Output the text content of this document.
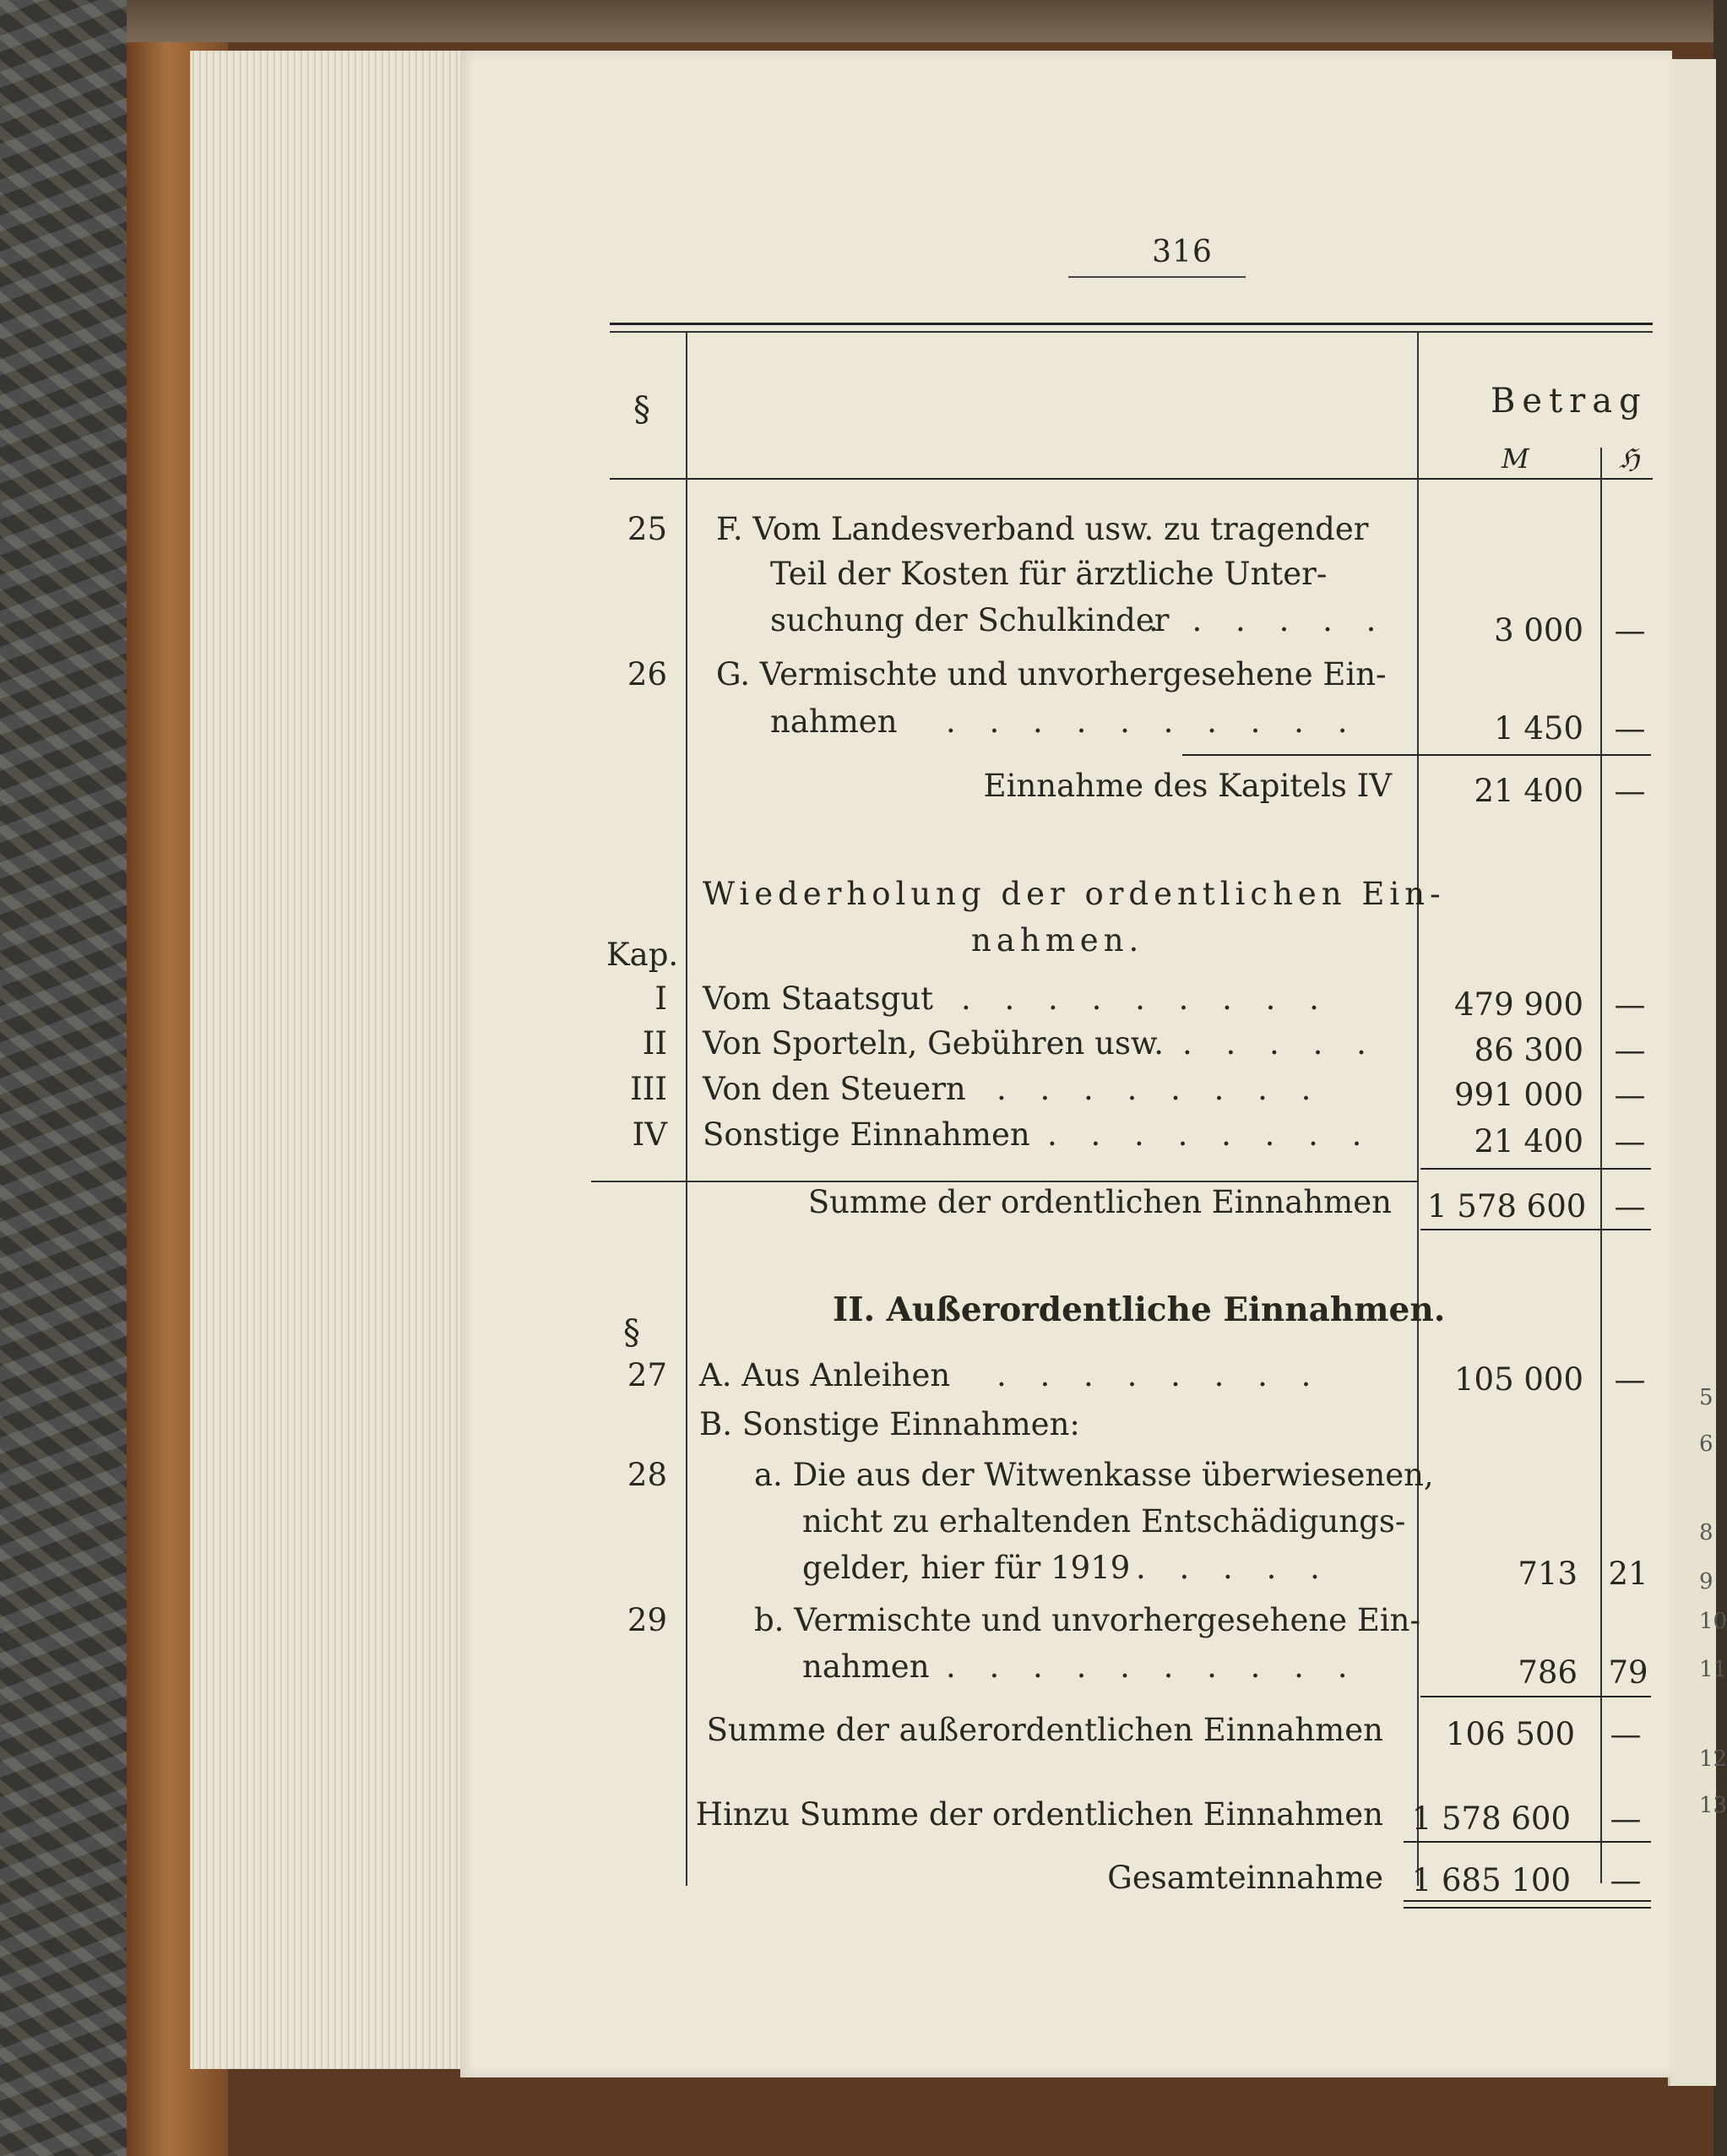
316
§	Betrag
M	ℌ
25 F. Vom Landesverband usw. zu tragender
Teil der Kosten für ärztliche Unter-
suchung der Schulkinder
. . . . . .	3 000 —
26 G. Vermischte und unvorhergesehene Ein-
nahmen . . . . . . . . . .	1 450 —
Einnahme des Kapitels IV	21 400 —
Wiederholung der ordentlichen Ein-
nahmen.
Kap.
I Vom Staatsgut . . . . . . . . .	479 900 —
II Von Sporteln, Gebühren usw. . . . . .	86 300 —
III Von den Steuern . . . . . . . .	991 000 —
IV Sonstige Einnahmen . . . . . . . .	21 400 —
Summe der ordentlichen Einnahmen 1 578 600 —
§
II. Außerordentliche Einnahmen.
27 A. Aus Anleihen . . . . . . . .	105 000 —
B. Sonstige Einnahmen:
28	a. Die aus der Witwenkasse überwiesenen,
nicht zu erhaltenden Entschädigungs-
gelder, hier für 1919 . . . . .	713 21
29	b. Vermischte und unvorhergesehene Ein-
nahmen . . . . . . . . . .	786 79
Summe der außerordentlichen Einnahmen	106 500	—
Hinzu Summe der ordentlichen Einnahmen 1 578 600	—
Gesamteinnahme 1 685 100	—
5
6
8
9
10
11
12
13
